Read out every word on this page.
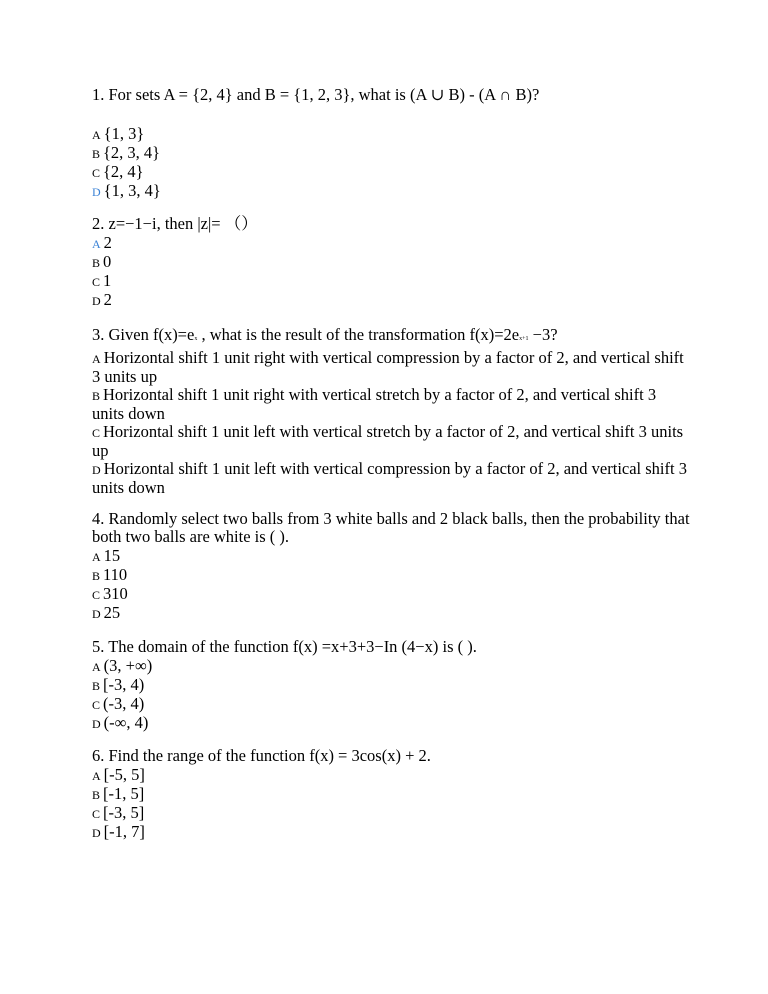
1. For sets A = {2, 4} and B = {1, 2, 3}, what is (A ∪ B) - (A ∩ B)?

A {1, 3}
B {2, 3, 4}
C {2, 4}
D {1, 3, 4}

2. z=−1−i, then |z|= （）

A 2
B 0
C 1
D 2

3. Given f(x)=ex , what is the result of the transformation f(x)=2ex+1 −3?

A Horizontal shift 1 unit right with vertical compression by a factor of 2, and vertical shift 3 units up
B Horizontal shift 1 unit right with vertical stretch by a factor of 2, and vertical shift 3 units down
C Horizontal shift 1 unit left with vertical stretch by a factor of 2, and vertical shift 3 units up
D Horizontal shift 1 unit left with vertical compression by a factor of 2, and vertical shift 3 units down

4. Randomly select two balls from 3 white balls and 2 black balls, then the probability that both two balls are white is ( ).

A 15
B 110
C 310
D 25

5. The domain of the function f(x) =x+3+3−In (4−x) is ( ).

A (3, +∞)
B [-3, 4)
C (-3, 4)
D (-∞, 4)

6. Find the range of the function f(x) = 3cos(x) + 2.

A [-5, 5]
B [-1, 5]
C [-3, 5]
D [-1, 7]
